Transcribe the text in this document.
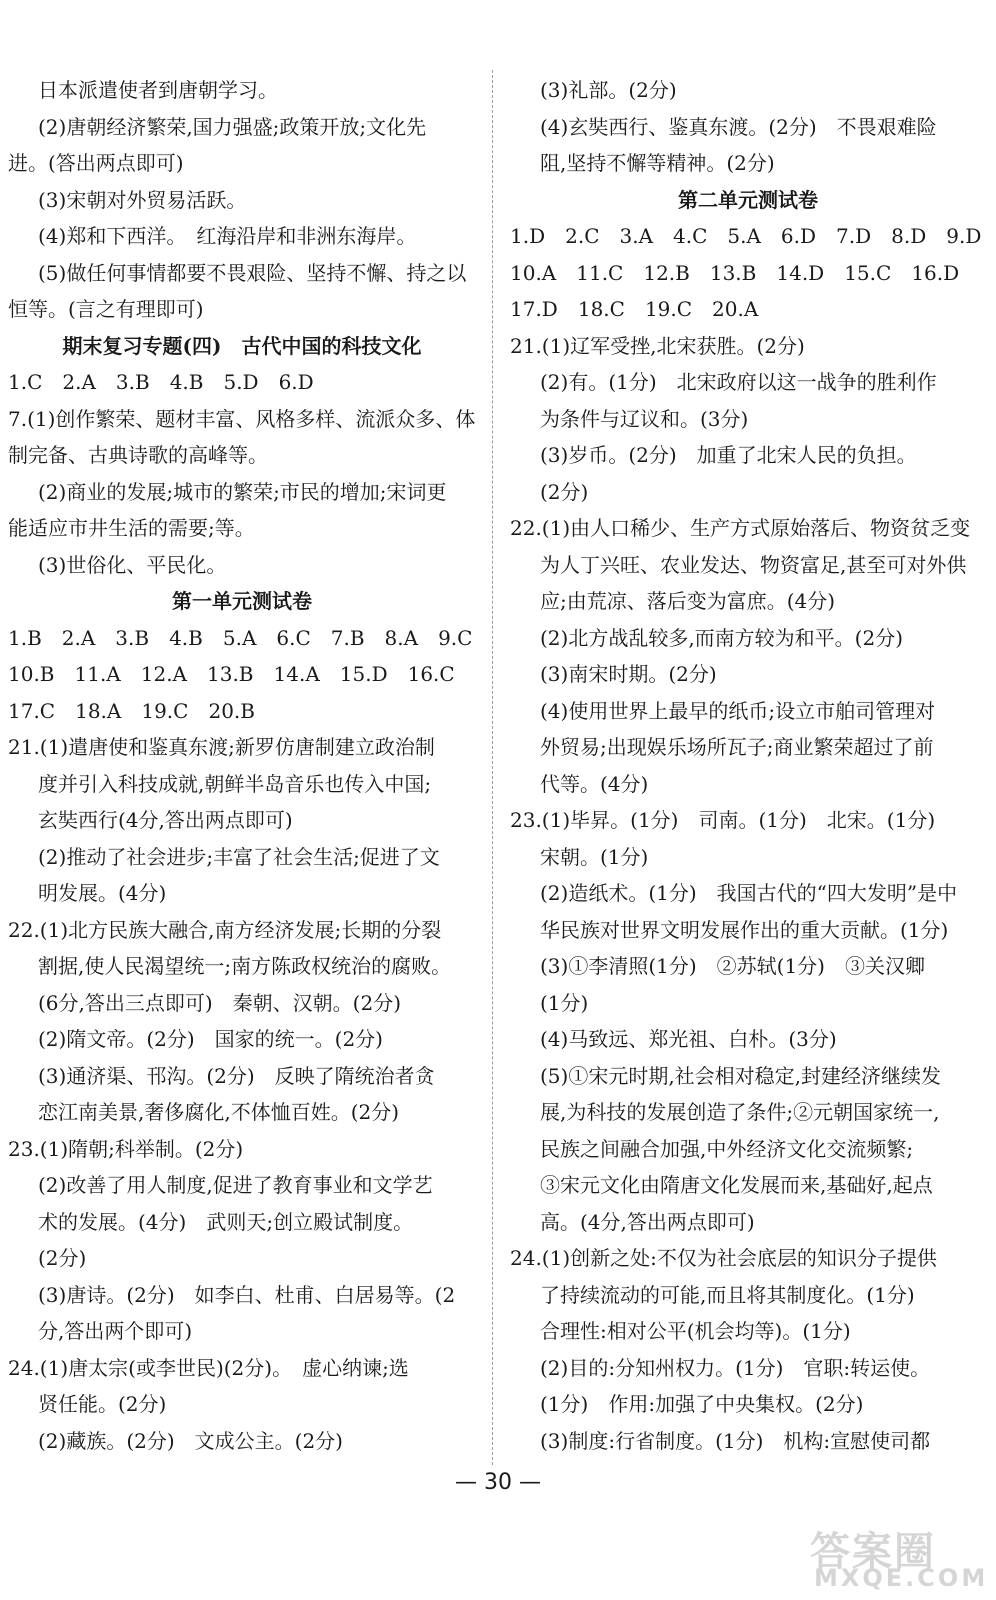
日本派遣使者到唐朝学习。
(2)唐朝经济繁荣,国力强盛;政策开放;文化先
进。(答出两点即可)
(3)宋朝对外贸易活跃。
(4)郑和下西洋。　红海沿岸和非洲东海岸。
(5)做任何事情都要不畏艰险、坚持不懈、持之以
恒等。(言之有理即可)
期末复习专题(四)　古代中国的科技文化
1.C　2.A　3.B　4.B　5.D　6.D
7.(1)创作繁荣、题材丰富、风格多样、流派众多、体
制完备、古典诗歌的高峰等。
(2)商业的发展;城市的繁荣;市民的增加;宋词更
能适应市井生活的需要;等。
(3)世俗化、平民化。
第一单元测试卷
1.B　2.A　3.B　4.B　5.A　6.C　7.B　8.A　9.C
10.B　11.A　12.A　13.B　14.A　15.D　16.C
17.C　18.A　19.C　20.B
21.(1)遣唐使和鉴真东渡;新罗仿唐制建立政治制
度并引入科技成就,朝鲜半岛音乐也传入中国;
玄奘西行(4分,答出两点即可)
(2)推动了社会进步;丰富了社会生活;促进了文
明发展。(4分)
22.(1)北方民族大融合,南方经济发展;长期的分裂
割据,使人民渴望统一;南方陈政权统治的腐败。
(6分,答出三点即可)　秦朝、汉朝。(2分)
(2)隋文帝。(2分)　国家的统一。(2分)
(3)通济渠、邗沟。(2分)　反映了隋统治者贪
恋江南美景,奢侈腐化,不体恤百姓。(2分)
23.(1)隋朝;科举制。(2分)
(2)改善了用人制度,促进了教育事业和文学艺
术的发展。(4分)　武则天;创立殿试制度。
(2分)
(3)唐诗。(2分)　如李白、杜甫、白居易等。(2
分,答出两个即可)
24.(1)唐太宗(或李世民)(2分)。　虚心纳谏;选
贤任能。(2分)
(2)藏族。(2分)　文成公主。(2分)
(3)礼部。(2分)
(4)玄奘西行、鉴真东渡。(2分)　不畏艰难险
阻,坚持不懈等精神。(2分)
第二单元测试卷
1.D　2.C　3.A　4.C　5.A　6.D　7.D　8.D　9.D
10.A　11.C　12.B　13.B　14.D　15.C　16.D
17.D　18.C　19.C　20.A
21.(1)辽军受挫,北宋获胜。(2分)
(2)有。(1分)　北宋政府以这一战争的胜利作
为条件与辽议和。(3分)
(3)岁币。(2分)　加重了北宋人民的负担。
(2分)
22.(1)由人口稀少、生产方式原始落后、物资贫乏变
为人丁兴旺、农业发达、物资富足,甚至可对外供
应;由荒凉、落后变为富庶。(4分)
(2)北方战乱较多,而南方较为和平。(2分)
(3)南宋时期。(2分)
(4)使用世界上最早的纸币;设立市舶司管理对
外贸易;出现娱乐场所瓦子;商业繁荣超过了前
代等。(4分)
23.(1)毕昇。(1分)　司南。(1分)　北宋。(1分)
宋朝。(1分)
(2)造纸术。(1分)　我国古代的“四大发明”是中
华民族对世界文明发展作出的重大贡献。(1分)
(3)①李清照(1分)　②苏轼(1分)　③关汉卿
(1分)
(4)马致远、郑光祖、白朴。(3分)
(5)①宋元时期,社会相对稳定,封建经济继续发
展,为科技的发展创造了条件;②元朝国家统一,
民族之间融合加强,中外经济文化交流频繁;
③宋元文化由隋唐文化发展而来,基础好,起点
高。(4分,答出两点即可)
24.(1)创新之处:不仅为社会底层的知识分子提供
了持续流动的可能,而且将其制度化。(1分)
合理性:相对公平(机会均等)。(1分)
(2)目的:分知州权力。(1分)　官职:转运使。
(1分)　作用:加强了中央集权。(2分)
(3)制度:行省制度。(1分)　机构:宣慰使司都
— 30 —
答案圈
MXQE.COM
